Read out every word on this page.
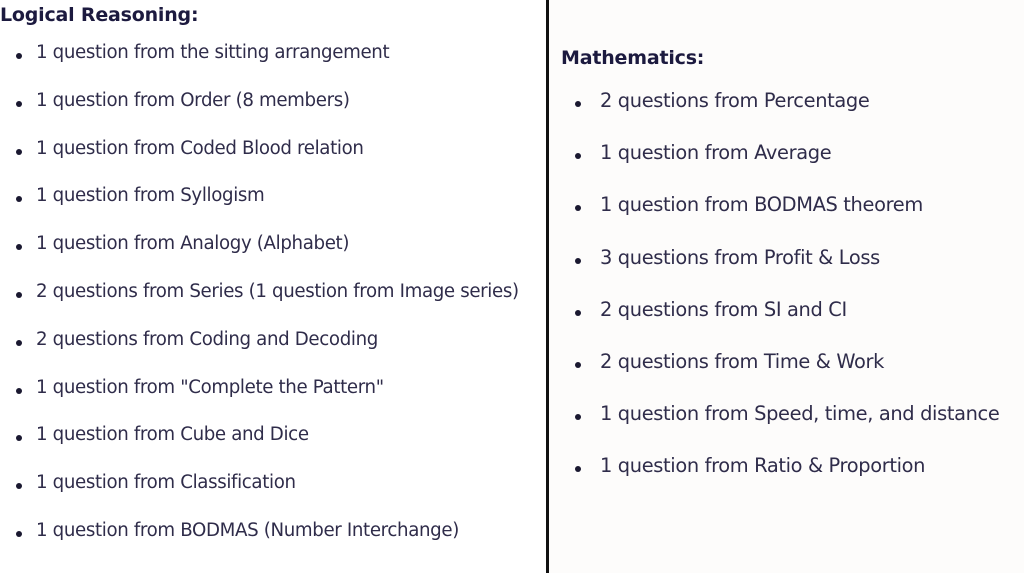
Logical Reasoning:
1 question from the sitting arrangement
1 question from Order (8 members)
1 question from Coded Blood relation
1 question from Syllogism
1 question from Analogy (Alphabet)
2 questions from Series (1 question from Image series)
2 questions from Coding and Decoding
1 question from "Complete the Pattern"
1 question from Cube and Dice
1 question from Classification
1 question from BODMAS (Number Interchange)
Mathematics:
2 questions from Percentage
1 question from Average
1 question from BODMAS theorem
3 questions from Profit & Loss
2 questions from SI and CI
2 questions from Time & Work
1 question from Speed, time, and distance
1 question from Ratio & Proportion
